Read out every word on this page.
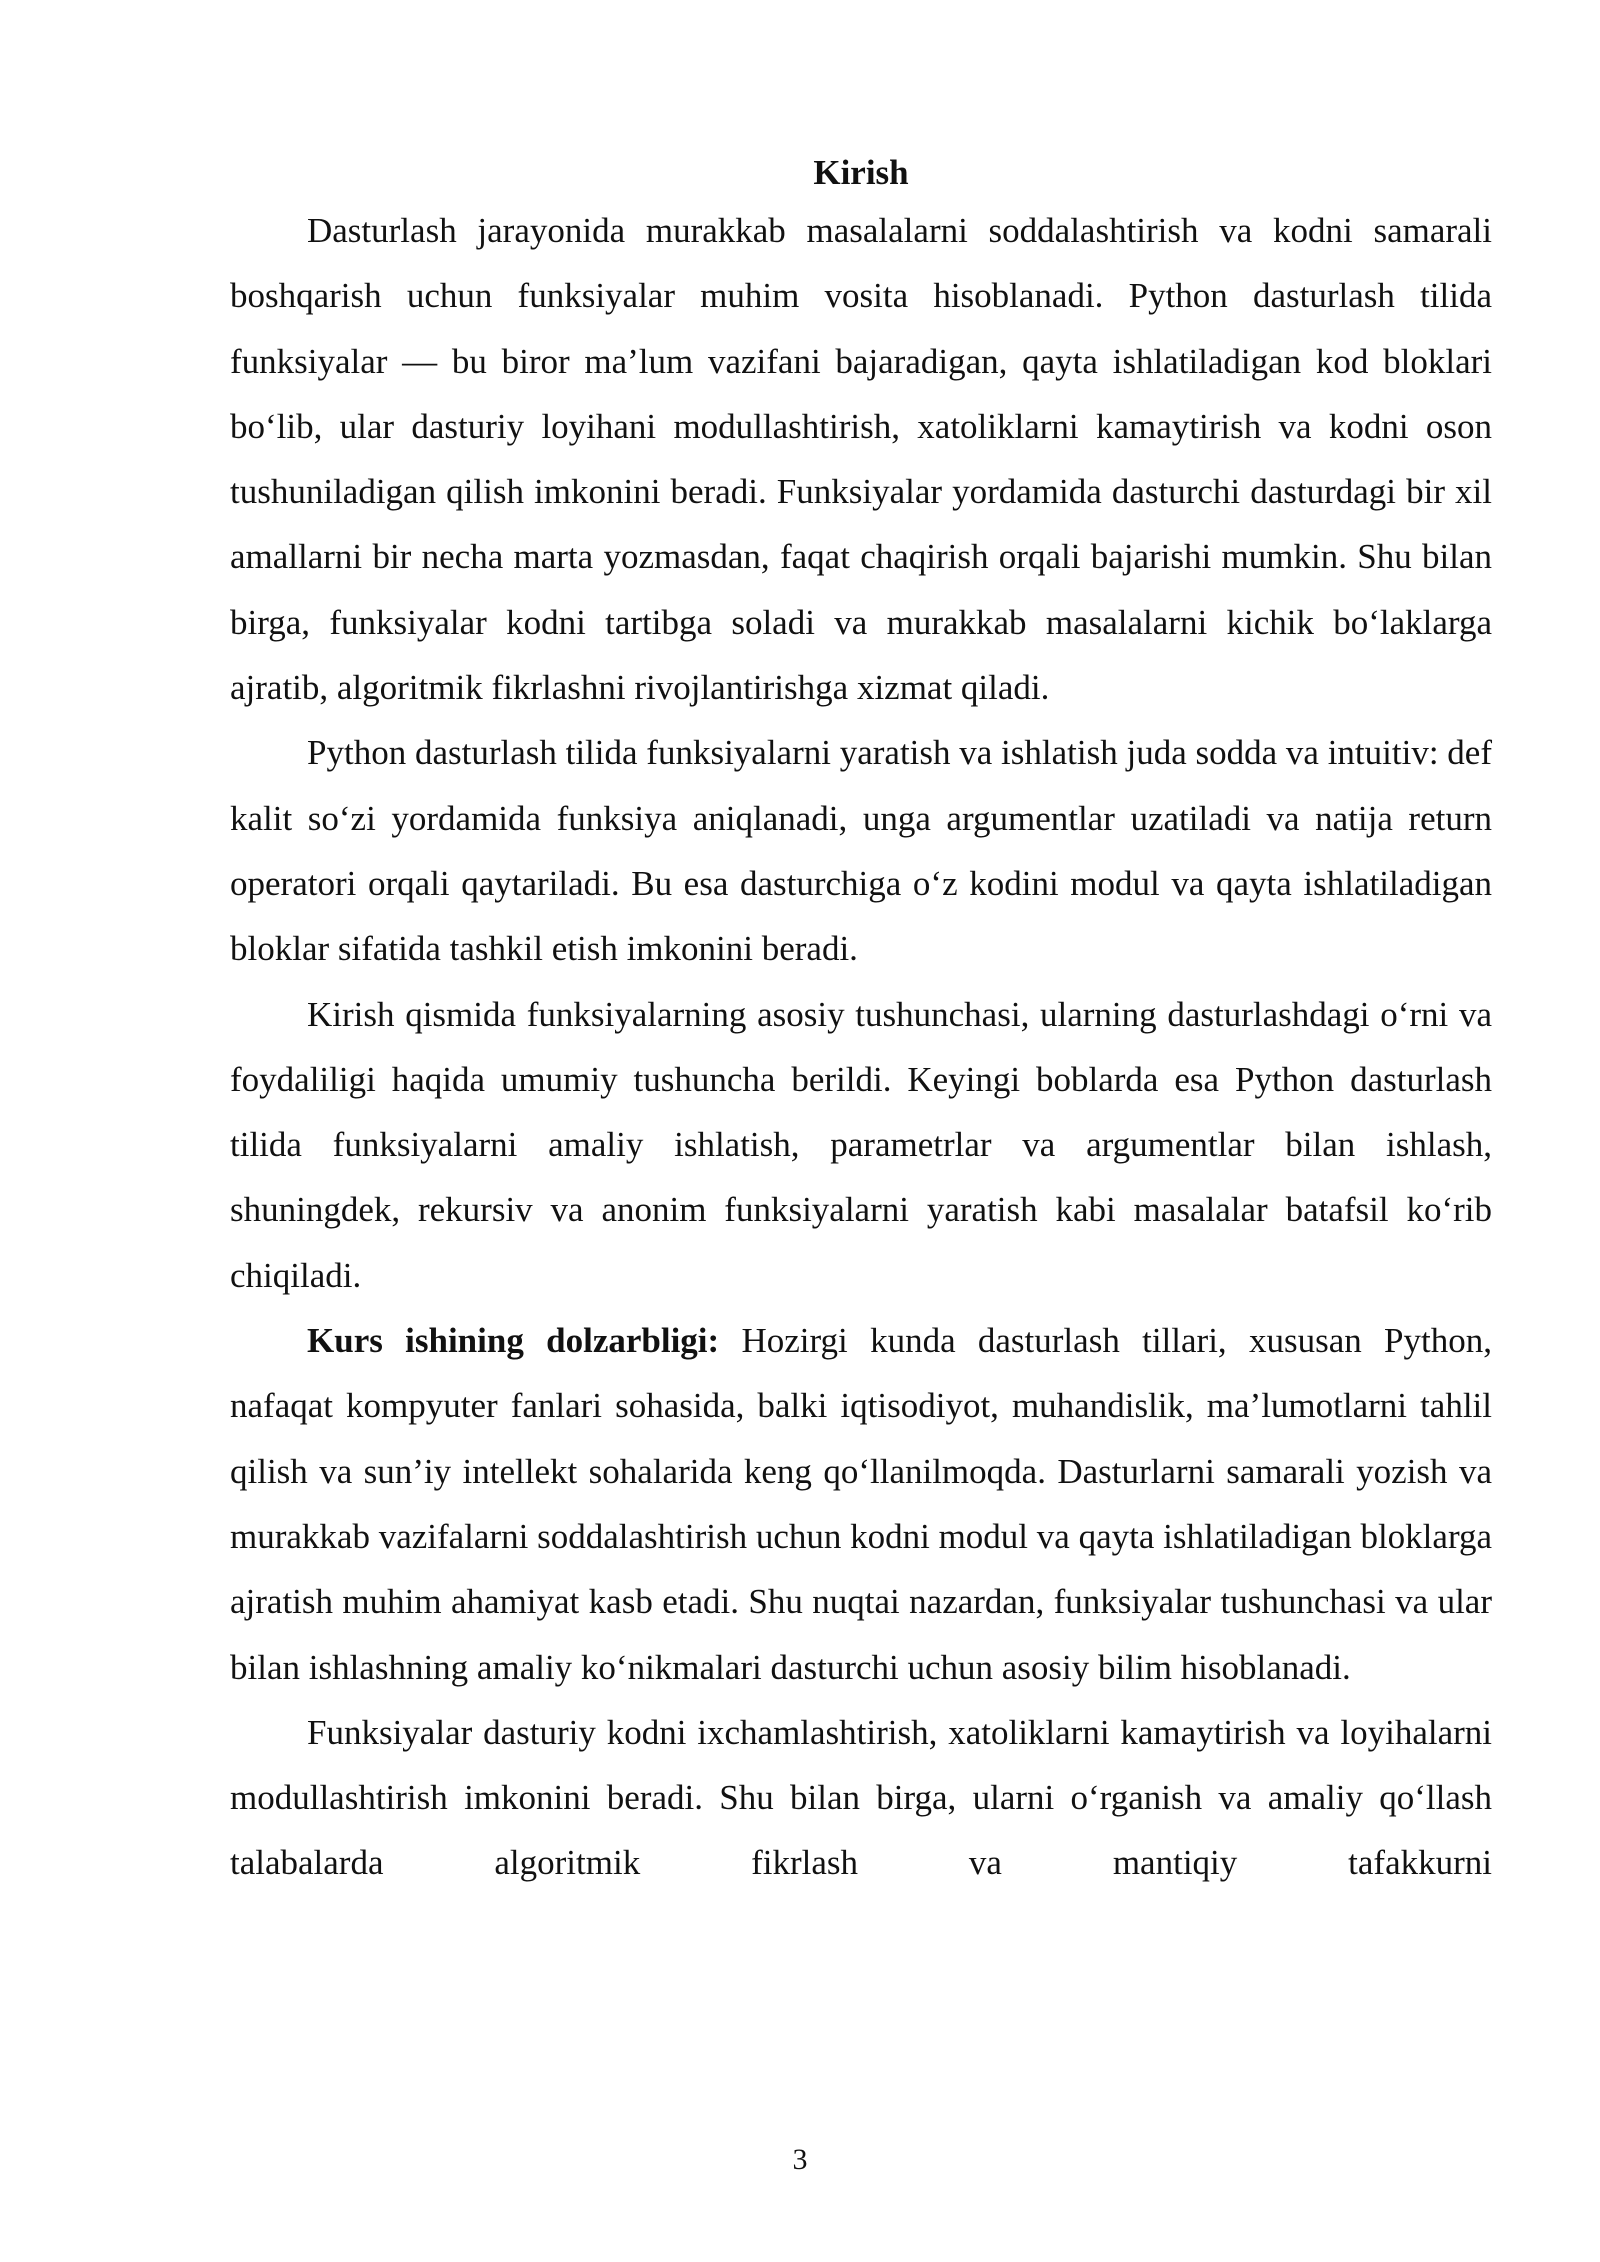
Kirish

Dasturlash jarayonida murakkab masalalarni soddalashtirish va kodni samarali boshqarish uchun funksiyalar muhim vosita hisoblanadi. Python dasturlash tilida funksiyalar — bu biror ma’lum vazifani bajaradigan, qayta ishlatiladigan kod bloklari bo‘lib, ular dasturiy loyihani modullashtirish, xatoliklarni kamaytirish va kodni oson tushuniladigan qilish imkonini beradi. Funksiyalar yordamida dasturchi dasturdagi bir xil amallarni bir necha marta yozmasdan, faqat chaqirish orqali bajarishi mumkin. Shu bilan birga, funksiyalar kodni tartibga soladi va murakkab masalalarni kichik bo‘laklarga ajratib, algoritmik fikrlashni rivojlantirishga xizmat qiladi.

Python dasturlash tilida funksiyalarni yaratish va ishlatish juda sodda va intuitiv: def kalit so‘zi yordamida funksiya aniqlanadi, unga argumentlar uzatiladi va natija return operatori orqali qaytariladi. Bu esa dasturchiga o‘z kodini modul va qayta ishlatiladigan bloklar sifatida tashkil etish imkonini beradi.

Kirish qismida funksiyalarning asosiy tushunchasi, ularning dasturlashdagi o‘rni va foydaliligi haqida umumiy tushuncha berildi. Keyingi boblarda esa Python dasturlash tilida funksiyalarni amaliy ishlatish, parametrlar va argumentlar bilan ishlash, shuningdek, rekursiv va anonim funksiyalarni yaratish kabi masalalar batafsil ko‘rib chiqiladi.

Kurs ishining dolzarbligi: Hozirgi kunda dasturlash tillari, xususan Python, nafaqat kompyuter fanlari sohasida, balki iqtisodiyot, muhandislik, ma’lumotlarni tahlil qilish va sun’iy intellekt sohalarida keng qo‘llanilmoqda. Dasturlarni samarali yozish va murakkab vazifalarni soddalashtirish uchun kodni modul va qayta ishlatiladigan bloklarga ajratish muhim ahamiyat kasb etadi. Shu nuqtai nazardan, funksiyalar tushunchasi va ular bilan ishlashning amaliy ko‘nikmalari dasturchi uchun asosiy bilim hisoblanadi.

Funksiyalar dasturiy kodni ixchamlashtirish, xatoliklarni kamaytirish va loyihalarni modullashtirish imkonini beradi. Shu bilan birga, ularni o‘rganish va amaliy qo‘llash talabalarda algoritmik fikrlash va mantiqiy tafakkurni

3
